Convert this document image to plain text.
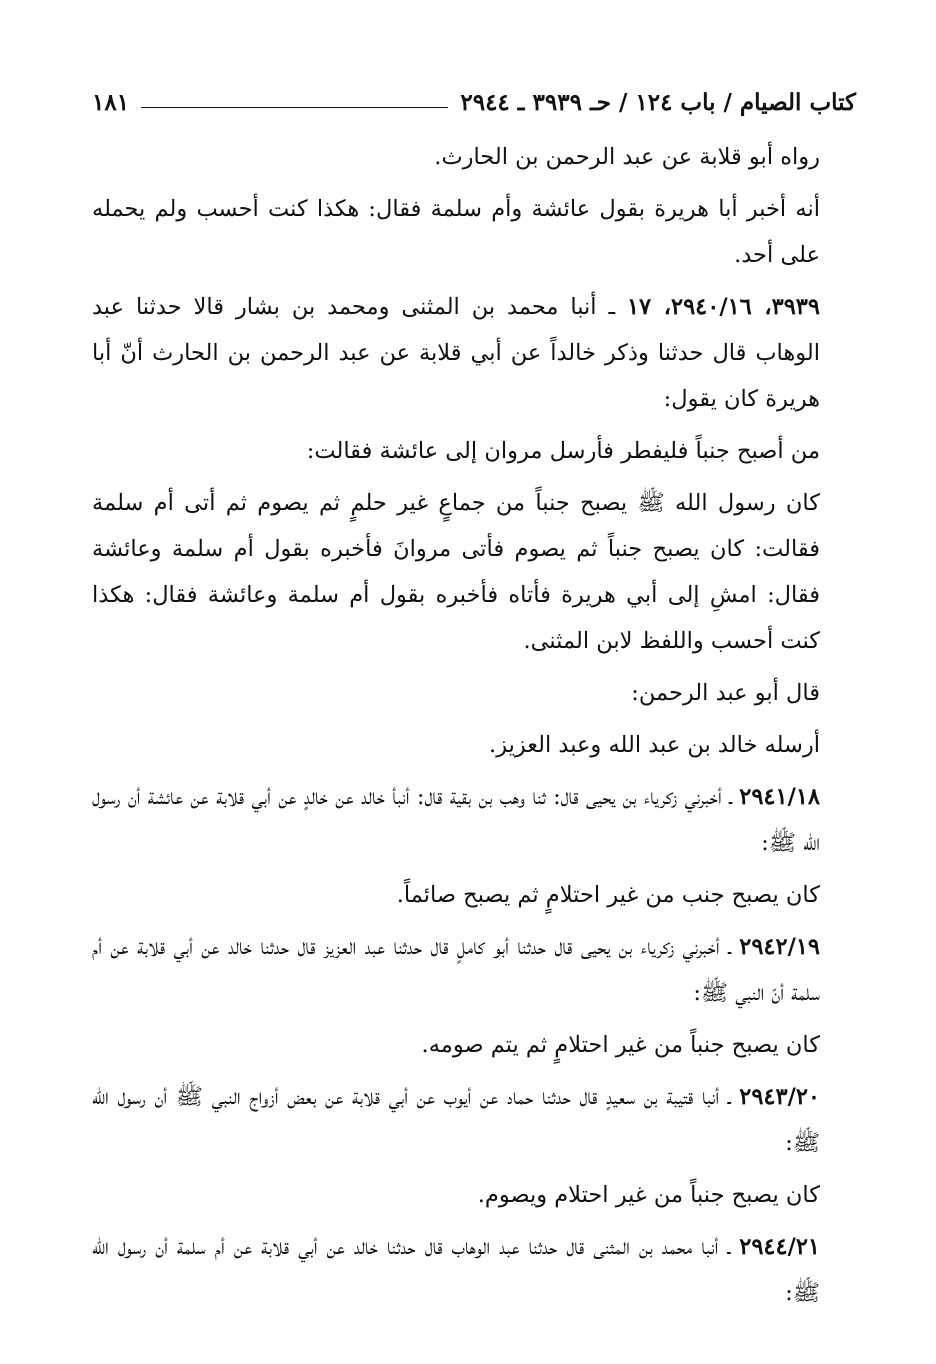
كتاب الصيام / باب ١٢٤ / حـ ٣٩٣٩ ـ ٢٩٤٤
١٨١

رواه أبو قلابة عن عبد الرحمن بن الحارث.

أنه أخبر أبا هريرة بقول عائشة وأم سلمة فقال: هكذا كنت أحسب ولم يحمله على أحد.

٣٩٣٩، ٢٩٤٠/١٦، ١٧ ـ أنبا محمد بن المثنى ومحمد بن بشار قالا حدثنا عبد الوهاب قال حدثنا وذكر خالداً عن أبي قلابة عن عبد الرحمن بن الحارث أنّ أبا هريرة كان يقول:

من أصبح جنباً فليفطر فأرسل مروان إلى عائشة فقالت:

كان رسول الله ﷺ يصبح جنباً من جماعٍ غير حلمٍ ثم يصوم ثم أتى أم سلمة فقالت: كان يصبح جنباً ثم يصوم فأتى مروانَ فأخبره بقول أم سلمة وعائشة فقال: امشِ إلى أبي هريرة فأتاه فأخبره بقول أم سلمة وعائشة فقال: هكذا كنت أحسب واللفظ لابن المثنى.

قال أبو عبد الرحمن:

أرسله خالد بن عبد الله وعبد العزيز.

٢٩٤١/١٨ ـ أخبرني زكرياء بن يحيى قال: ثنا وهب بن بقية قال: أنبأ خالد عن خالدٍ عن أبي قلابة عن عائشة أن رسول الله ﷺ:

كان يصبح جنب من غير احتلامٍ ثم يصبح صائماً.

٢٩٤٢/١٩ ـ أخبرني زكرياء بن يحيى قال حدثنا أبو كاملٍ قال حدثنا عبد العزيز قال حدثنا خالد عن أبي قلابة عن أم سلمة أنّ النبي ﷺ:

كان يصبح جنباً من غير احتلامٍ ثم يتم صومه.

٢٩٤٣/٢٠ ـ أنبا قتيبة بن سعيدٍ قال حدثنا حماد عن أيوب عن أبي قلابة عن بعض أزواج النبي ﷺ أن رسول الله ﷺ:

كان يصبح جنباً من غير احتلام ويصوم.

٢٩٤٤/٢١ ـ أنبا محمد بن المثنى قال حدثنا عبد الوهاب قال حدثنا خالد عن أبي قلابة عن أم سلمة أن رسول الله ﷺ:
